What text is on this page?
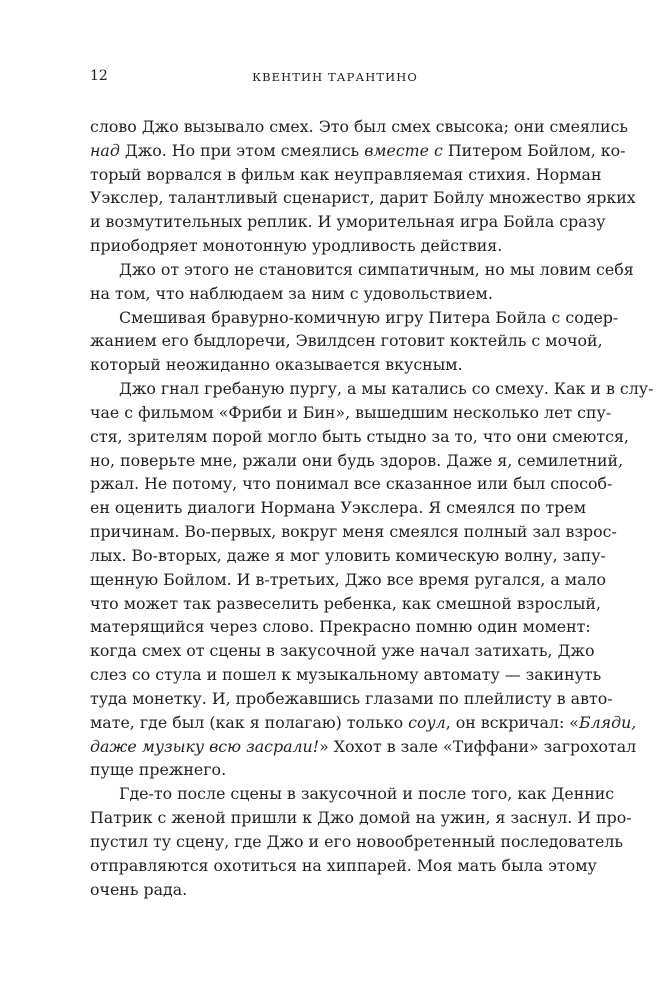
12	КВЕНТИН ТАРАНТИНО
слово Джо вызывало смех. Это был смех свысока; они смеялись
над Джо. Но при этом смеялись вместе с Питером Бойлом, ко-
торый ворвался в фильм как неуправляемая стихия. Норман
Уэкслер, талантливый сценарист, дарит Бойлу множество ярких
и возмутительных реплик. И уморительная игра Бойла сразу
приободряет монотонную уродливость действия.
Джо от этого не становится симпатичным, но мы ловим себя
на том, что наблюдаем за ним с удовольствием.
Смешивая бравурно-комичную игру Питера Бойла с содер-
жанием его быдлоречи, Эвилдсен готовит коктейль с мочой,
который неожиданно оказывается вкусным.
Джо гнал гребаную пургу, а мы катались со смеху. Как и в слу-
чае с фильмом «Фриби и Бин», вышедшим несколько лет спу-
стя, зрителям порой могло быть стыдно за то, что они смеются,
но, поверьте мне, ржали они будь здоров. Даже я, семилетний,
ржал. Не потому, что понимал все сказанное или был способ-
ен оценить диалоги Нормана Уэкслера. Я смеялся по трем
причинам. Во-первых, вокруг меня смеялся полный зал взрос-
лых. Во-вторых, даже я мог уловить комическую волну, запу-
щенную Бойлом. И в-третьих, Джо все время ругался, а мало
что может так развеселить ребенка, как смешной взрослый,
матерящийся через слово. Прекрасно помню один момент:
когда смех от сцены в закусочной уже начал затихать, Джо
слез со стула и пошел к музыкальному автомату — закинуть
туда монетку. И, пробежавшись глазами по плейлисту в авто-
мате, где был (как я полагаю) только соул, он вскричал: «Бляди,
даже музыку всю засрали!» Хохот в зале «Тиффани» загрохотал
пуще прежнего.
Где-то после сцены в закусочной и после того, как Деннис
Патрик с женой пришли к Джо домой на ужин, я заснул. И про-
пустил ту сцену, где Джо и его новообретенный последователь
отправляются охотиться на хиппарей. Моя мать была этому
очень рада.
